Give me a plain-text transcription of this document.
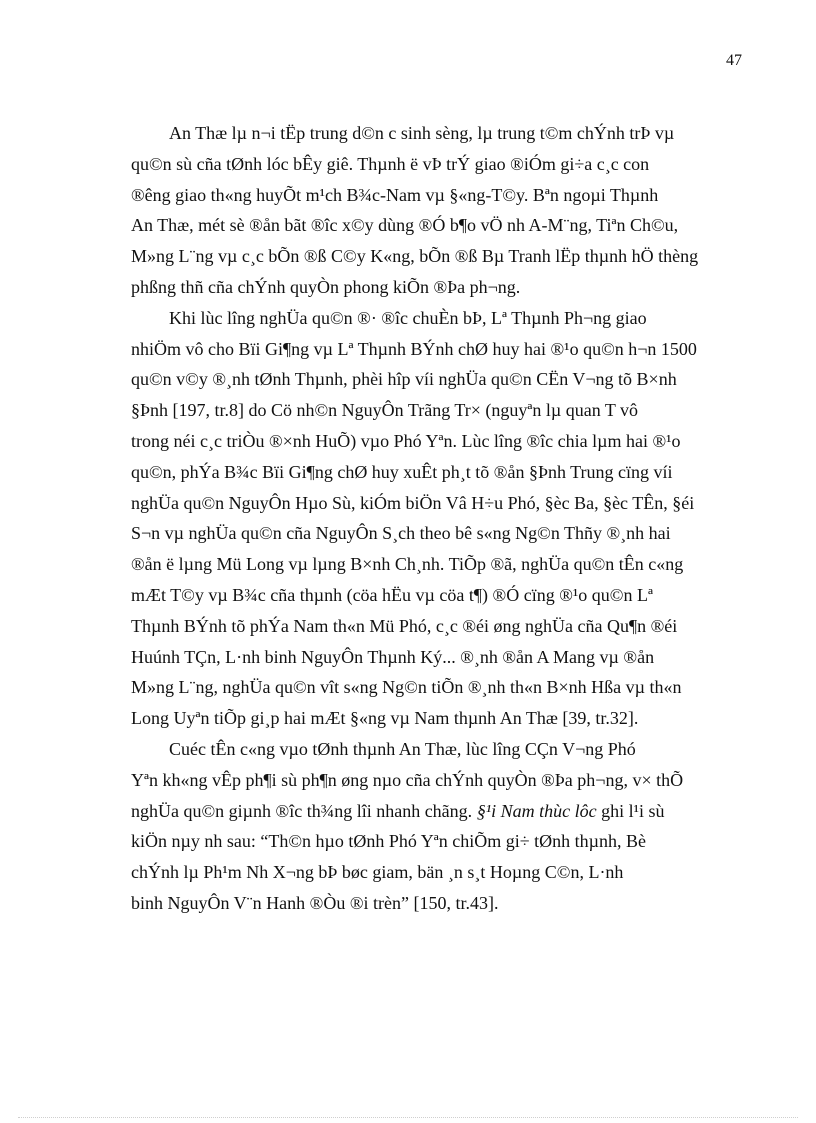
47

An Thæ lµ n¬i tËp trung d©n c sinh sèng, lµ trung t©m chÝnh trÞ vµ
qu©n sù cña tØnh lóc bÊy giê. Thµnh ë vÞ trÝ giao ®iÓm gi÷a c¸c con
®êng giao th«ng huyÕt m¹ch B¾c-Nam vµ §«ng-T©y. Bªn ngoµi Thµnh
An Thæ, mét sè ®ån bãt ®îc x©y dùng ®Ó b¶o vÖ nh A-M¨ng, Tiªn Ch©u,
M»ng L¨ng vµ c¸c bÕn ®ß C©y K«ng, bÕn ®ß Bµ Tranh lËp thµnh hÖ thèng
phßng thñ cña chÝnh quyÒn phong kiÕn ®Þa ph¬ng.

Khi lùc lîng nghÜa qu©n ®· ®îc chuÈn bÞ, Lª Thµnh Ph¬ng giao
nhiÖm vô cho Bïi Gi¶ng vµ Lª Thµnh BÝnh chØ huy hai ®¹o qu©n h¬n 1500
qu©n v©y ®¸nh tØnh Thµnh, phèi hîp víi nghÜa qu©n CËn V¬ng tõ B×nh
§Þnh [197, tr.8] do Cö nh©n NguyÔn Trãng Tr× (nguyªn lµ quan T vô
trong néi c¸c triÒu ®×nh HuÕ) vµo Phó Yªn. Lùc lîng ®îc chia lµm hai ®¹o
qu©n, phÝa B¾c Bïi Gi¶ng chØ huy xuÊt ph¸t tõ ®ån §Þnh Trung cïng víi
nghÜa qu©n NguyÔn Hµo Sù, kiÓm biÖn Vâ H÷u Phó, §èc Ba, §èc TÊn, §éi
S¬n vµ nghÜa qu©n cña NguyÔn S¸ch theo bê s«ng Ng©n Thñy ®¸nh hai
®ån ë lµng Mü Long vµ lµng B×nh Ch¸nh. TiÕp ®ã, nghÜa qu©n tÊn c«ng
mÆt T©y vµ B¾c cña thµnh (cöa hËu vµ cöa t¶) ®Ó cïng ®¹o qu©n Lª
Thµnh BÝnh tõ phÝa Nam th«n Mü Phó, c¸c ®éi øng nghÜa cña Qu¶n ®éi
Huúnh TÇn, L·nh binh NguyÔn Thµnh Ký... ®¸nh ®ån A Mang vµ ®ån
M»ng L¨ng, nghÜa qu©n vît s«ng Ng©n tiÕn ®¸nh th«n B×nh Hßa vµ th«n
Long Uyªn tiÕp gi¸p hai mÆt §«ng vµ Nam thµnh An Thæ [39, tr.32].

Cuéc tÊn c«ng vµo tØnh thµnh An Thæ, lùc lîng CÇn V¬ng Phó
Yªn kh«ng vÊp ph¶i sù ph¶n øng nµo cña chÝnh quyÒn ®Þa ph¬ng, v× thÕ
nghÜa qu©n giµnh ®îc th¾ng lîi nhanh chãng. §¹i Nam thùc lôc ghi l¹i sù
kiÖn nµy nh sau: “Th©n hµo tØnh Phó Yªn chiÕm gi÷ tØnh thµnh, Bè
chÝnh lµ Ph¹m Nh X¬ng bÞ bøc giam, bän ¸n s¸t Hoµng C©n, L·nh
binh NguyÔn V¨n Hanh ®Òu ®i trèn” [150, tr.43].
